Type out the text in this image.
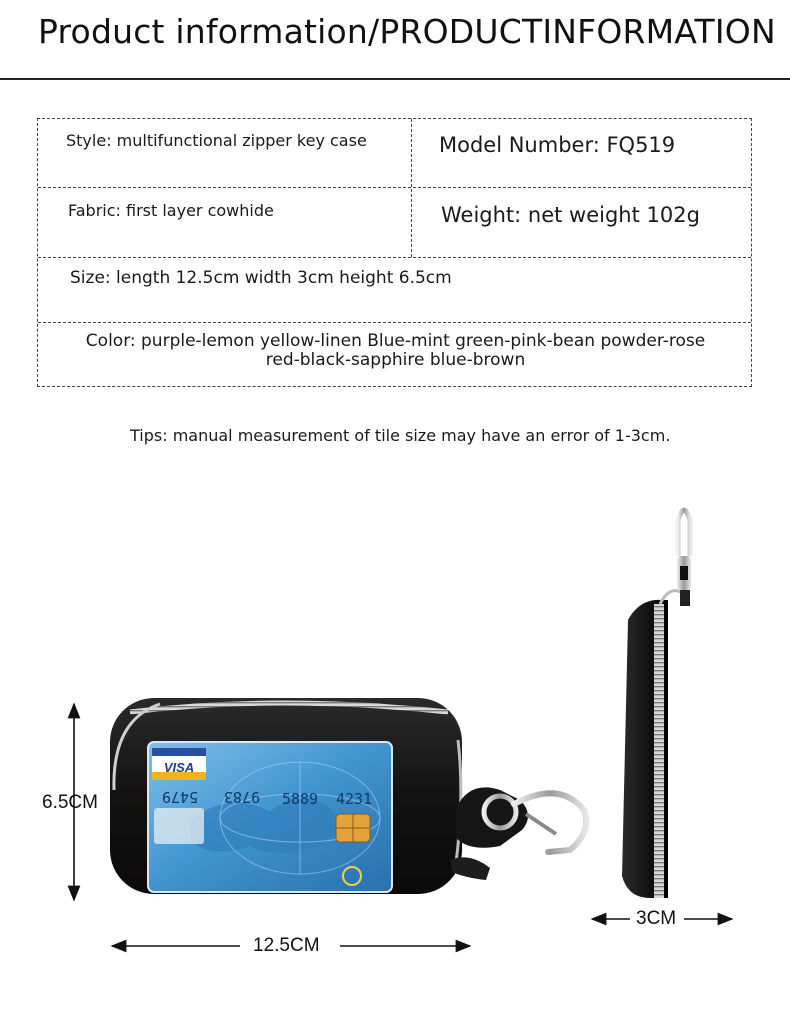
Product information/PRODUCTINFORMATION
Style: multifunctional zipper key case	Model Number: FQ519
Fabric: first layer cowhide	Weight: net weight 102g
Size: length 12.5cm width 3cm height 6.5cm
Color: purple-lemon yellow-linen Blue-mint green-pink-bean powder-rose
red-black-sapphire blue-brown
Tips: manual measurement of tile size may have an error of 1-3cm.
VISA
5479 9783 5889 4231
6.5CM
12.5CM
3CM
